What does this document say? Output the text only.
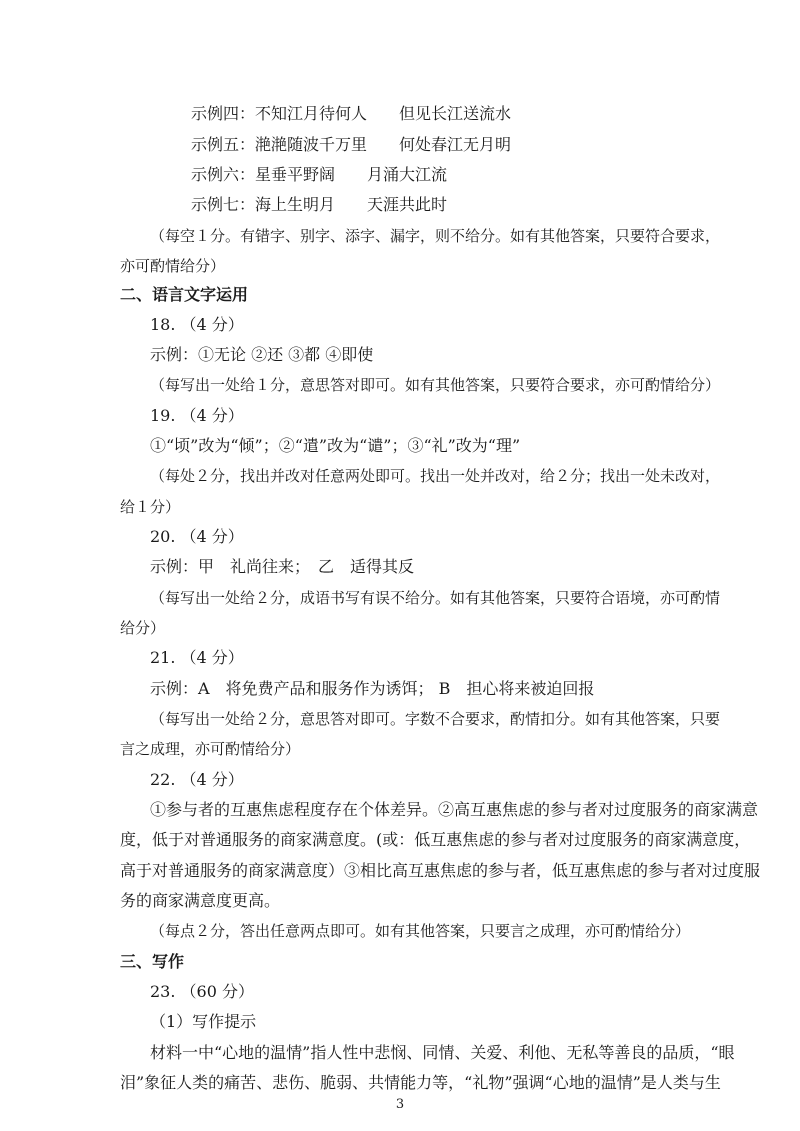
示例四：不知江月待何人　　但见长江送流水
示例五：滟滟随波千万里　　何处春江无月明
示例六：星垂平野阔　　月涌大江流
示例七：海上生明月　　天涯共此时
（每空１分。有错字、别字、添字、漏字，则不给分。如有其他答案，只要符合要求，
亦可酌情给分）
二、语言文字运用
18. （4 分）
示例：①无论 ②还 ③都 ④即使
（每写出一处给１分，意思答对即可。如有其他答案，只要符合要求，亦可酌情给分）
19. （4 分）
①“顷”改为“倾”；②“遣”改为“谴”；③“礼”改为“理”
（每处２分，找出并改对任意两处即可。找出一处并改对，给２分；找出一处未改对，
给１分）
20. （4 分）
示例：甲　礼尚往来；　乙　适得其反
（每写出一处给２分，成语书写有误不给分。如有其他答案，只要符合语境，亦可酌情
给分）
21. （4 分）
示例：A　将免费产品和服务作为诱饵； B　担心将来被迫回报
（每写出一处给２分，意思答对即可。字数不合要求，酌情扣分。如有其他答案，只要
言之成理，亦可酌情给分）
22. （4 分）
①参与者的互惠焦虑程度存在个体差异。②高互惠焦虑的参与者对过度服务的商家满意
度，低于对普通服务的商家满意度。(或：低互惠焦虑的参与者对过度服务的商家满意度，
高于对普通服务的商家满意度）③相比高互惠焦虑的参与者，低互惠焦虑的参与者对过度服
务的商家满意度更高。
（每点２分，答出任意两点即可。如有其他答案，只要言之成理，亦可酌情给分）
三、写作
23. （60 分）
（1）写作提示
材料一中“心地的温情”指人性中悲悯、同情、关爱、利他、无私等善良的品质，“眼
泪”象征人类的痛苦、悲伤、脆弱、共情能力等，“礼物”强调“心地的温情”是人类与生
3
